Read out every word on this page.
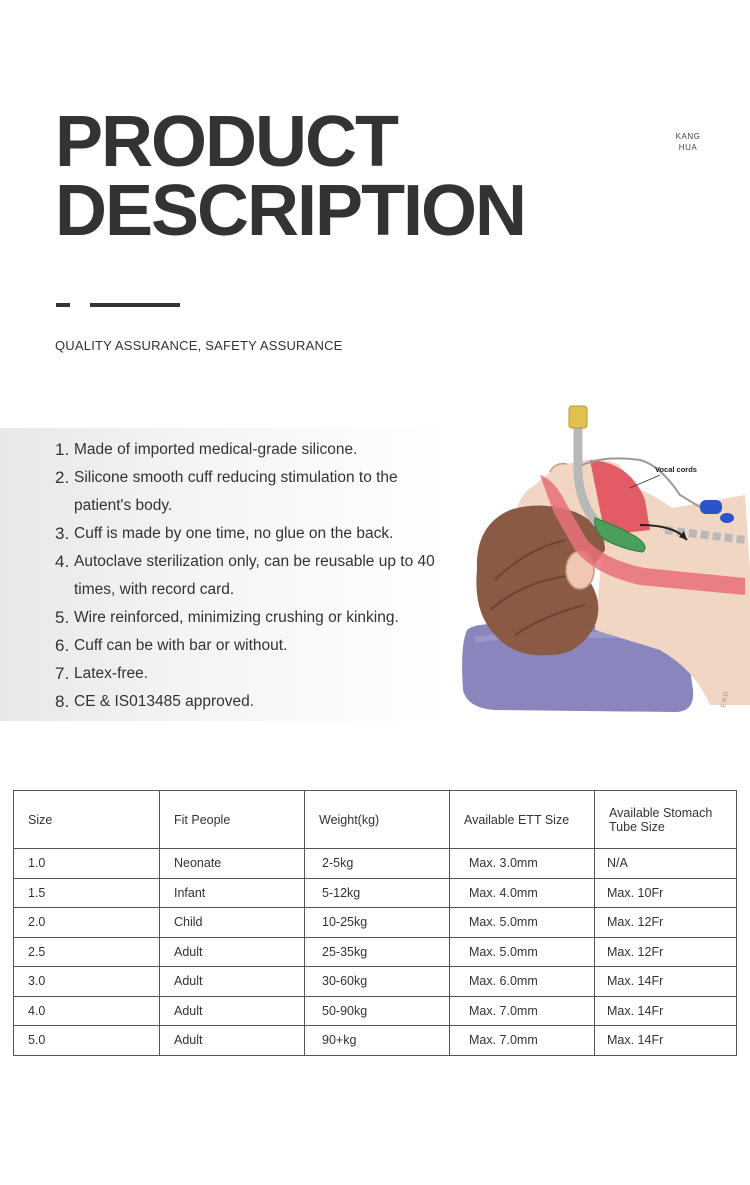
PRODUCT
DESCRIPTION
KANG
HUA
QUALITY ASSURANCE, SAFETY ASSURANCE
1. Made of imported medical-grade silicone.
2. Silicone smooth cuff reducing stimulation to the patient's body.
3. Cuff is made by one time, no glue on the back.
4. Autoclave sterilization only, can be reusable up to 40 times, with record card.
5. Wire reinforced, minimizing crushing or kinking.
6. Cuff can be with bar or without.
7. Latex-free.
8. CE & IS013485 approved.
Vocal cords
E.R.D
Size	Fit People	Weight(kg)	Available ETT Size	Available Stomach Tube Size
1.0	Neonate	2-5kg	Max. 3.0mm	N/A
1.5	Infant	5-12kg	Max. 4.0mm	Max. 10Fr
2.0	Child	10-25kg	Max. 5.0mm	Max. 12Fr
2.5	Adult	25-35kg	Max. 5.0mm	Max. 12Fr
3.0	Adult	30-60kg	Max. 6.0mm	Max. 14Fr
4.0	Adult	50-90kg	Max. 7.0mm	Max. 14Fr
5.0	Adult	90+kg	Max. 7.0mm	Max. 14Fr
